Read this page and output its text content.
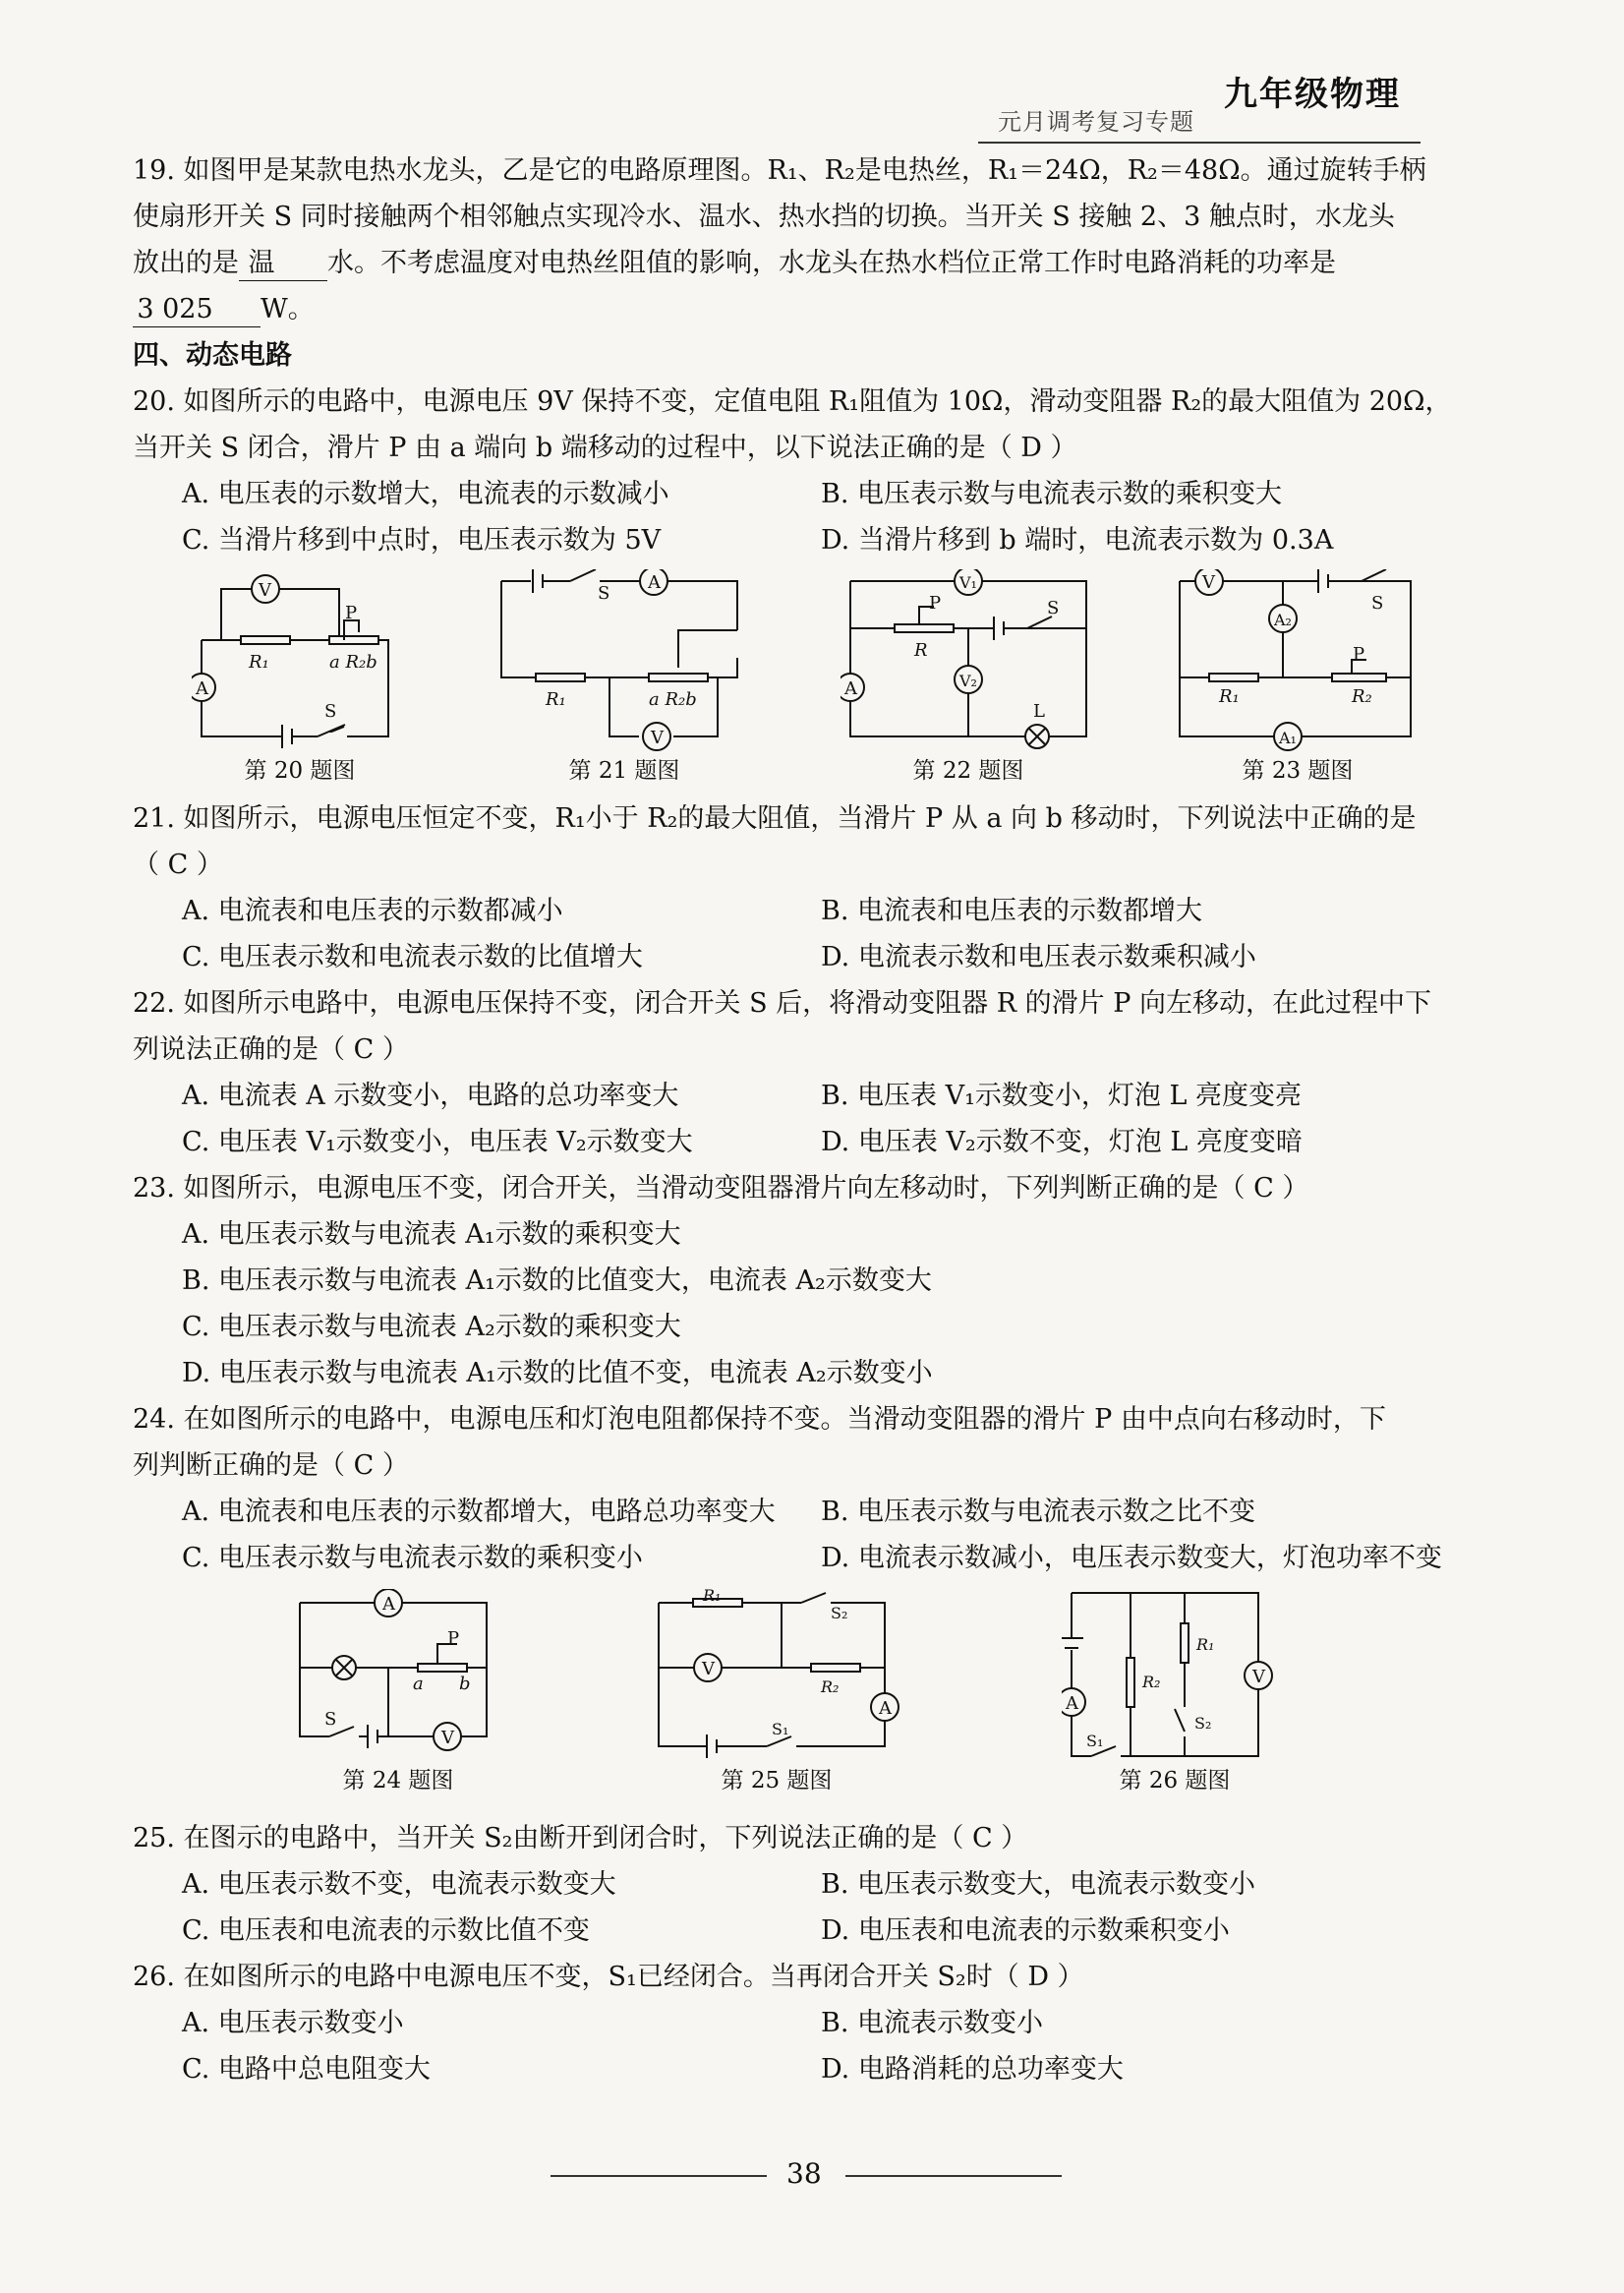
九年级物理
元月调考复习专题
19. 如图甲是某款电热水龙头，乙是它的电路原理图。R₁、R₂是电热丝，R₁＝24Ω，R₂＝48Ω。通过旋转手柄
使扇形开关 S 同时接触两个相邻触点实现冷水、温水、热水挡的切换。当开关 S 接触 2、3 触点时，水龙头
放出的是 温 水。不考虑温度对电热丝阻值的影响，水龙头在热水档位正常工作时电路消耗的功率是
3 025 W。
四、动态电路
20. 如图所示的电路中，电源电压 9V 保持不变，定值电阻 R₁阻值为 10Ω，滑动变阻器 R₂的最大阻值为 20Ω，
当开关 S 闭合，滑片 P 由 a 端向 b 端移动的过程中，以下说法正确的是（ D ）
A. 电压表的示数增大，电流表的示数减小	B. 电压表示数与电流表示数的乘积变大
C. 当滑片移到中点时，电压表示数为 5V	D. 当滑片移到 b 端时，电流表示数为 0.3A
V
P
R₁	a R₂b
A
S
第 20 题图
S
A
V
R₁	a R₂b
第 21 题图
V₁
P
R
S
V₂
A
L
第 22 题图
V
S
A₂
P
R₁	R₂
A₁
第 23 题图
21. 如图所示，电源电压恒定不变，R₁小于 R₂的最大阻值，当滑片 P 从 a 向 b 移动时，下列说法中正确的是
（ C ）
A. 电流表和电压表的示数都减小	B. 电流表和电压表的示数都增大
C. 电压表示数和电流表示数的比值增大	D. 电流表示数和电压表示数乘积减小
22. 如图所示电路中，电源电压保持不变，闭合开关 S 后，将滑动变阻器 R 的滑片 P 向左移动，在此过程中下
列说法正确的是（ C ）
A. 电流表 A 示数变小，电路的总功率变大	B. 电压表 V₁示数变小，灯泡 L 亮度变亮
C. 电压表 V₁示数变小，电压表 V₂示数变大	D. 电压表 V₂示数不变，灯泡 L 亮度变暗
23. 如图所示，电源电压不变，闭合开关，当滑动变阻器滑片向左移动时，下列判断正确的是（ C ）
A. 电压表示数与电流表 A₁示数的乘积变大
B. 电压表示数与电流表 A₁示数的比值变大，电流表 A₂示数变大
C. 电压表示数与电流表 A₂示数的乘积变大
D. 电压表示数与电流表 A₁示数的比值不变，电流表 A₂示数变小
24. 在如图所示的电路中，电源电压和灯泡电阻都保持不变。当滑动变阻器的滑片 P 由中点向右移动时，下
列判断正确的是（ C ）
A. 电流表和电压表的示数都增大，电路总功率变大	B. 电压表示数与电流表示数之比不变
C. 电压表示数与电流表示数的乘积变小	D. 电流表示数减小，电压表示数变大，灯泡功率不变
A
P
a b
S
V
第 24 题图
R₁
S₂
V
R₂
A
S₁
第 25 题图
A
R₂
R₁
S₂
V
S₁
第 26 题图
25. 在图示的电路中，当开关 S₂由断开到闭合时，下列说法正确的是（ C ）
A. 电压表示数不变，电流表示数变大	B. 电压表示数变大，电流表示数变小
C. 电压表和电流表的示数比值不变	D. 电压表和电流表的示数乘积变小
26. 在如图所示的电路中电源电压不变，S₁已经闭合。当再闭合开关 S₂时（ D ）
A. 电压表示数变小	B. 电流表示数变小
C. 电路中总电阻变大	D. 电路消耗的总功率变大
38
